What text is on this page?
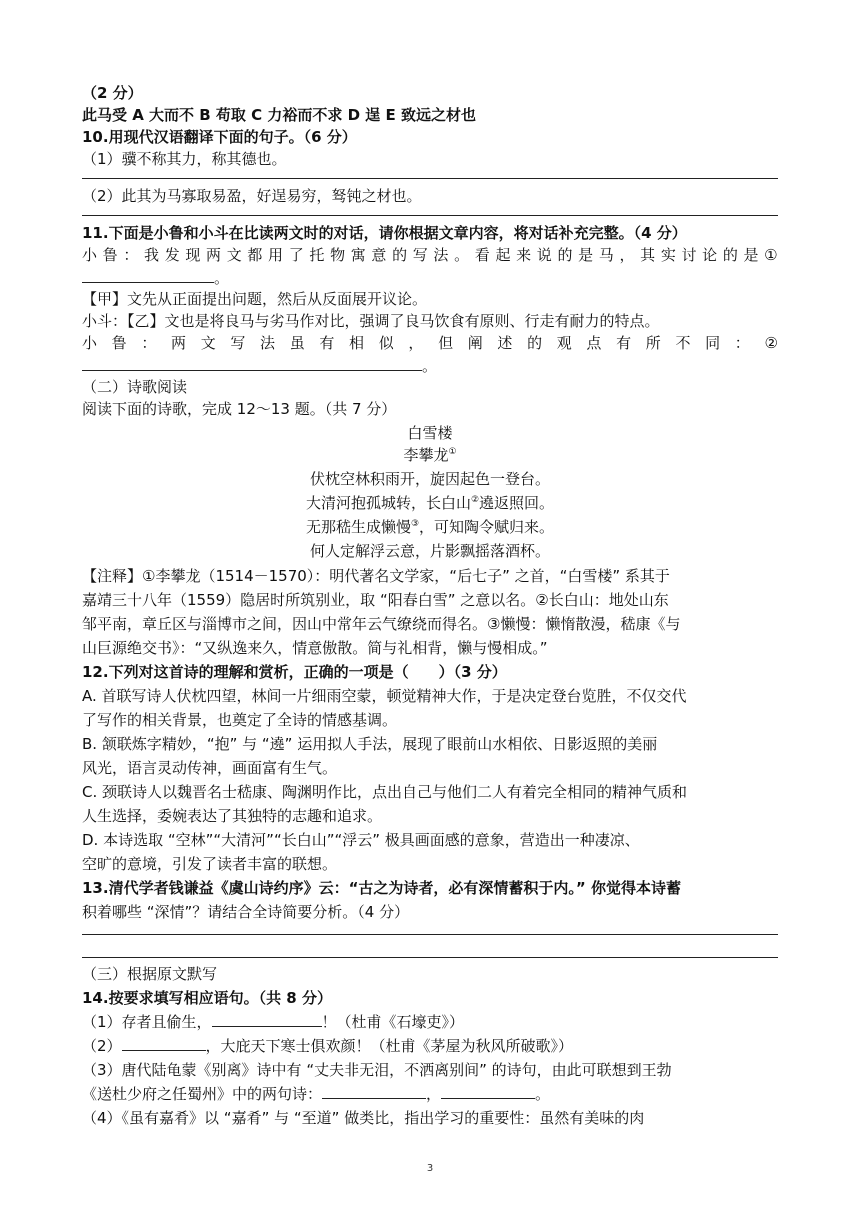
（2 分）
此马受 A 大而不 B 苟取 C 力裕而不求 D 逞 E 致远之材也
10.用现代汉语翻译下面的句子。（6 分）
（1）骥不称其力，称其德也。
（2）此其为马寡取易盈，好逞易穷，驽钝之材也。
11.下面是小鲁和小斗在比读两文时的对话，请你根据文章内容，将对话补充完整。（4 分）
小 鲁 ： 我 发 现 两 文 都 用 了 托 物 寓 意 的 写 法 。 看 起 来 说 的 是 马 ， 其 实 讨 论 的 是 ①
。
【甲】文先从正面提出问题，然后从反面展开议论。
小斗：【乙】文也是将良马与劣马作对比，强调了良马饮食有原则、行走有耐力的特点。
小 鲁 ： 两 文 写 法 虽 有 相 似 ， 但 阐 述 的 观 点 有 所 不 同 ： ②
。
（二）诗歌阅读
阅读下面的诗歌，完成 12～13 题。（共 7 分）
白雪楼
李攀龙①
伏枕空林积雨开，旋因起色一登台。
大清河抱孤城转，长白山②遶返照回。
无那嵇生成懒慢③，可知陶令赋归来。
何人定解浮云意，片影飘摇落酒杯。
【注释】①李攀龙（1514－1570）：明代著名文学家，“后七子” 之首，“白雪楼” 系其于
嘉靖三十八年（1559）隐居时所筑别业，取 “阳春白雪” 之意以名。②长白山：地处山东
邹平南，章丘区与淄博市之间，因山中常年云气缭绕而得名。③懒慢：懒惰散漫，嵇康《与
山巨源绝交书》：“又纵逸来久，情意傲散。简与礼相背，懒与慢相成。”
12.下列对这首诗的理解和赏析，正确的一项是（　　）（3 分）
A. 首联写诗人伏枕四望，林间一片细雨空蒙，顿觉精神大作，于是决定登台览胜，不仅交代
了写作的相关背景，也奠定了全诗的情感基调。
B. 颔联炼字精妙，“抱” 与 “遶” 运用拟人手法，展现了眼前山水相依、日影返照的美丽
风光，语言灵动传神，画面富有生气。
C. 颈联诗人以魏晋名士嵇康、陶渊明作比，点出自己与他们二人有着完全相同的精神气质和
人生选择，委婉表达了其独特的志趣和追求。
D. 本诗选取 “空林”“大清河”“长白山”“浮云” 极具画面感的意象，营造出一种凄凉、
空旷的意境，引发了读者丰富的联想。
13.清代学者钱谦益《虞山诗约序》云：“古之为诗者，必有深情蓄积于内。” 你觉得本诗蓄
积着哪些 “深情”？请结合全诗简要分析。（4 分）
（三）根据原文默写
14.按要求填写相应语句。（共 8 分）
（1）存者且偷生，	！（杜甫《石壕吏》）
（2）	，大庇天下寒士俱欢颜！（杜甫《茅屋为秋风所破歌》）
（3）唐代陆龟蒙《别离》诗中有 “丈夫非无泪，不洒离别间” 的诗句，由此可联想到王勃
《送杜少府之任蜀州》中的两句诗：	，	。
（4）《虽有嘉肴》以 “嘉肴” 与 “至道” 做类比，指出学习的重要性：虽然有美味的肉
3
